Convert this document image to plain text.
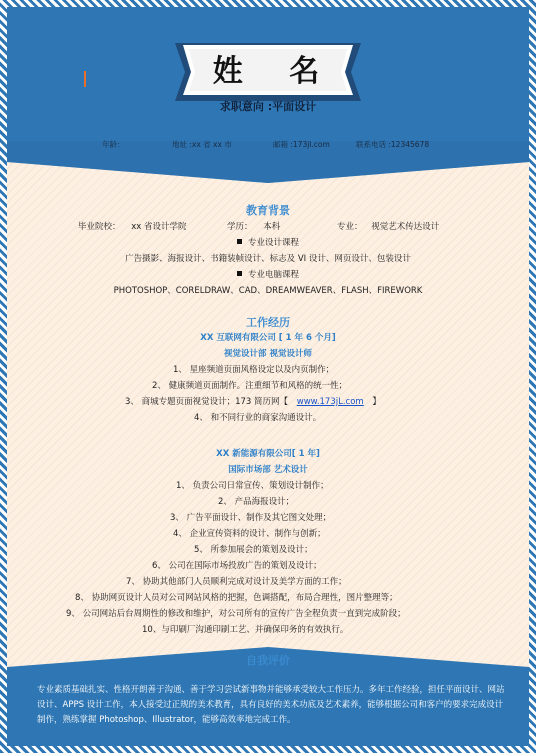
姓 名
求职意向 :平面设计
年龄：	地址 :xx 省 xx 市	邮箱 :173jl.com	联系电话 :12345678
教育背景
毕业院校： xx 省设计学院	学历： 本科	专业： 视觉艺术传达设计
专业设计课程
广告摄影、海报设计、书籍装帧设计、标志及 VI 设计、网页设计、包装设计
专业电脑课程
PHOTOSHOP、CORELDRAW、CAD、DREAMWEAVER、FLASH、FIREWORK
工作经历
XX 互联网有限公司 [ 1 年 6 个月]
视觉设计部 视觉设计师
1、 星座频道页面风格设定以及内页制作；
2、 健康频道页面制作。注重细节和风格的统一性；
3、 商城专题页面视觉设计；173 简历网【 www.173jL.com 】
4、 和不同行业的商家沟通设计。
XX 新能源有限公司[ 1 年]
国际市场部 艺术设计
1、 负责公司日常宣传、策划设计制作；
2、 产品海报设计；
3、 广告平面设计、制作及其它图文处理；
4、 企业宣传资料的设计、制作与创新；
5、 所参加展会的策划及设计；
6、 公司在国际市场投放广告的策划及设计；
7、 协助其他部门人员顺利完成对设计及美学方面的工作；
8、 协助网页设计人员对公司网站风格的把握，色调搭配，布局合理性，图片整理等；
9、 公司网站后台周期性的修改和维护，对公司所有的宣传广告全程负责一直到完成阶段；
10、与印刷厂沟通印刷工艺、并确保印务的有效执行。
自我评价
专业素质基础扎实、性格开朗善于沟通、善于学习尝试新事物并能够承受较大工作压力。多年工作经验，担任平面设计、网站设计、APPS 设计工作，本人接受过正规的美术教育，具有良好的美术功底及艺术素养，能够根据公司和客户的要求完成设计制作，熟练掌握 Photoshop、Illustrator，能够高效率地完成工作。
